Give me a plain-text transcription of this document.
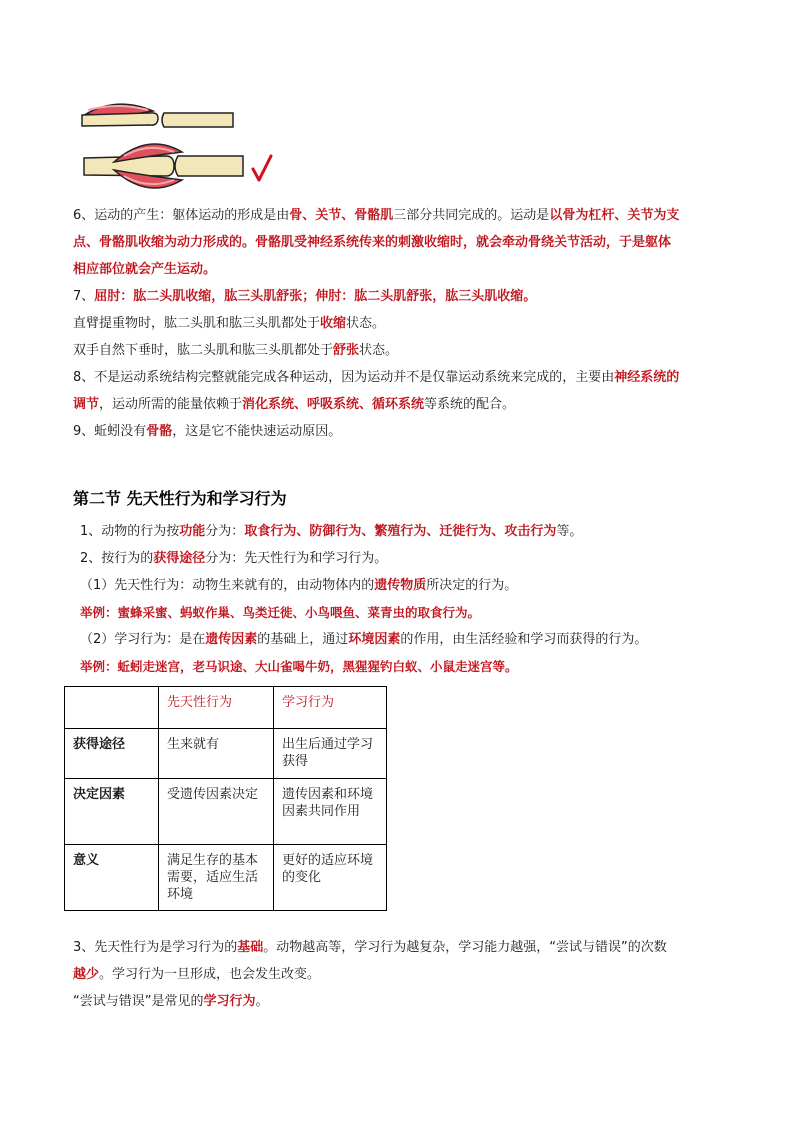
6、运动的产生：躯体运动的形成是由骨、关节、骨骼肌三部分共同完成的。运动是以骨为杠杆、关节为支
点、骨骼肌收缩为动力形成的。骨骼肌受神经系统传来的刺激收缩时，就会牵动骨绕关节活动，于是躯体
相应部位就会产生运动。
7、屈肘：肱二头肌收缩，肱三头肌舒张；伸肘：肱二头肌舒张，肱三头肌收缩。
直臂提重物时，肱二头肌和肱三头肌都处于收缩状态。
双手自然下垂时，肱二头肌和肱三头肌都处于舒张状态。
8、不是运动系统结构完整就能完成各种运动，因为运动并不是仅靠运动系统来完成的，主要由神经系统的
调节，运动所需的能量依赖于消化系统、呼吸系统、循环系统等系统的配合。
9、蚯蚓没有骨骼，这是它不能快速运动原因。
第二节 先天性行为和学习行为
1、动物的行为按功能分为：取食行为、防御行为、繁殖行为、迁徙行为、攻击行为等。
2、按行为的获得途径分为：先天性行为和学习行为。
（1）先天性行为：动物生来就有的，由动物体内的遗传物质所决定的行为。
举例：蜜蜂采蜜、蚂蚁作巢、鸟类迁徙、小鸟喂鱼、菜青虫的取食行为。
（2）学习行为：是在遗传因素的基础上，通过环境因素的作用，由生活经验和学习而获得的行为。
举例：蚯蚓走迷宫，老马识途、大山雀喝牛奶，黑猩猩钓白蚁、小鼠走迷宫等。
	先天性行为	学习行为
获得途径	生来就有	出生后通过学习获得
决定因素	受遗传因素决定	遗传因素和环境因素共同作用
意义	满足生存的基本需要，适应生活环境	更好的适应环境的变化
3、先天性行为是学习行为的基础。动物越高等，学习行为越复杂，学习能力越强，“尝试与错误”的次数
越少。学习行为一旦形成，也会发生改变。
“尝试与错误”是常见的学习行为。
